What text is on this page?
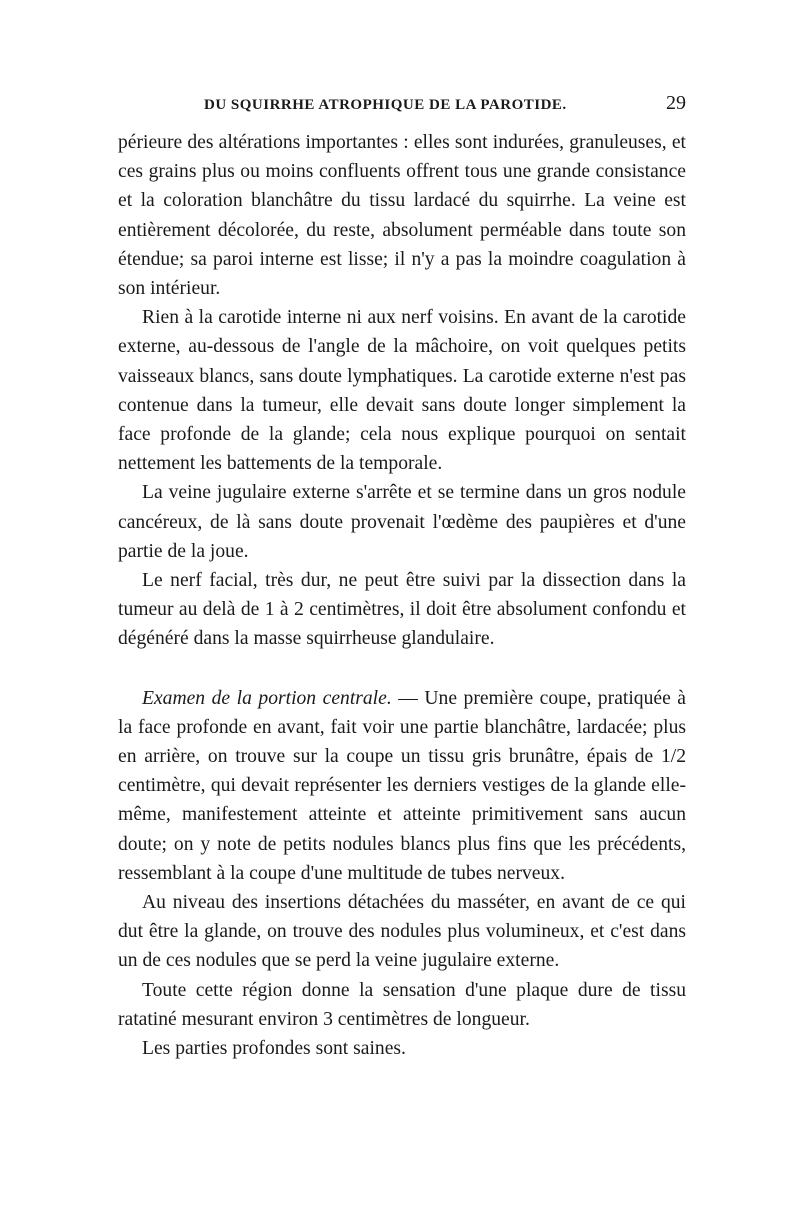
DU SQUIRRHE ATROPHIQUE DE LA PAROTIDE.	29

périeure des altérations importantes : elles sont indurées, granuleuses, et ces grains plus ou moins confluents offrent tous une grande consistance et la coloration blanchâtre du tissu lardacé du squirrhe. La veine est entièrement décolorée, du reste, absolument perméable dans toute son étendue; sa paroi interne est lisse; il n'y a pas la moindre coagulation à son intérieur.

Rien à la carotide interne ni aux nerf voisins. En avant de la carotide externe, au-dessous de l'angle de la mâchoire, on voit quelques petits vaisseaux blancs, sans doute lymphatiques. La carotide externe n'est pas contenue dans la tumeur, elle devait sans doute longer simplement la face profonde de la glande; cela nous explique pourquoi on sentait nettement les battements de la temporale.

La veine jugulaire externe s'arrête et se termine dans un gros nodule cancéreux, de là sans doute provenait l'œdème des paupières et d'une partie de la joue.

Le nerf facial, très dur, ne peut être suivi par la dissection dans la tumeur au delà de 1 à 2 centimètres, il doit être absolument confondu et dégénéré dans la masse squirrheuse glandulaire.

Examen de la portion centrale. — Une première coupe, pratiquée à la face profonde en avant, fait voir une partie blanchâtre, lardacée; plus en arrière, on trouve sur la coupe un tissu gris brunâtre, épais de 1/2 centimètre, qui devait représenter les derniers vestiges de la glande elle-même, manifestement atteinte et atteinte primitivement sans aucun doute; on y note de petits nodules blancs plus fins que les précédents, ressemblant à la coupe d'une multitude de tubes nerveux.

Au niveau des insertions détachées du masséter, en avant de ce qui dut être la glande, on trouve des nodules plus volumineux, et c'est dans un de ces nodules que se perd la veine jugulaire externe.

Toute cette région donne la sensation d'une plaque dure de tissu ratatiné mesurant environ 3 centimètres de longueur.

Les parties profondes sont saines.
